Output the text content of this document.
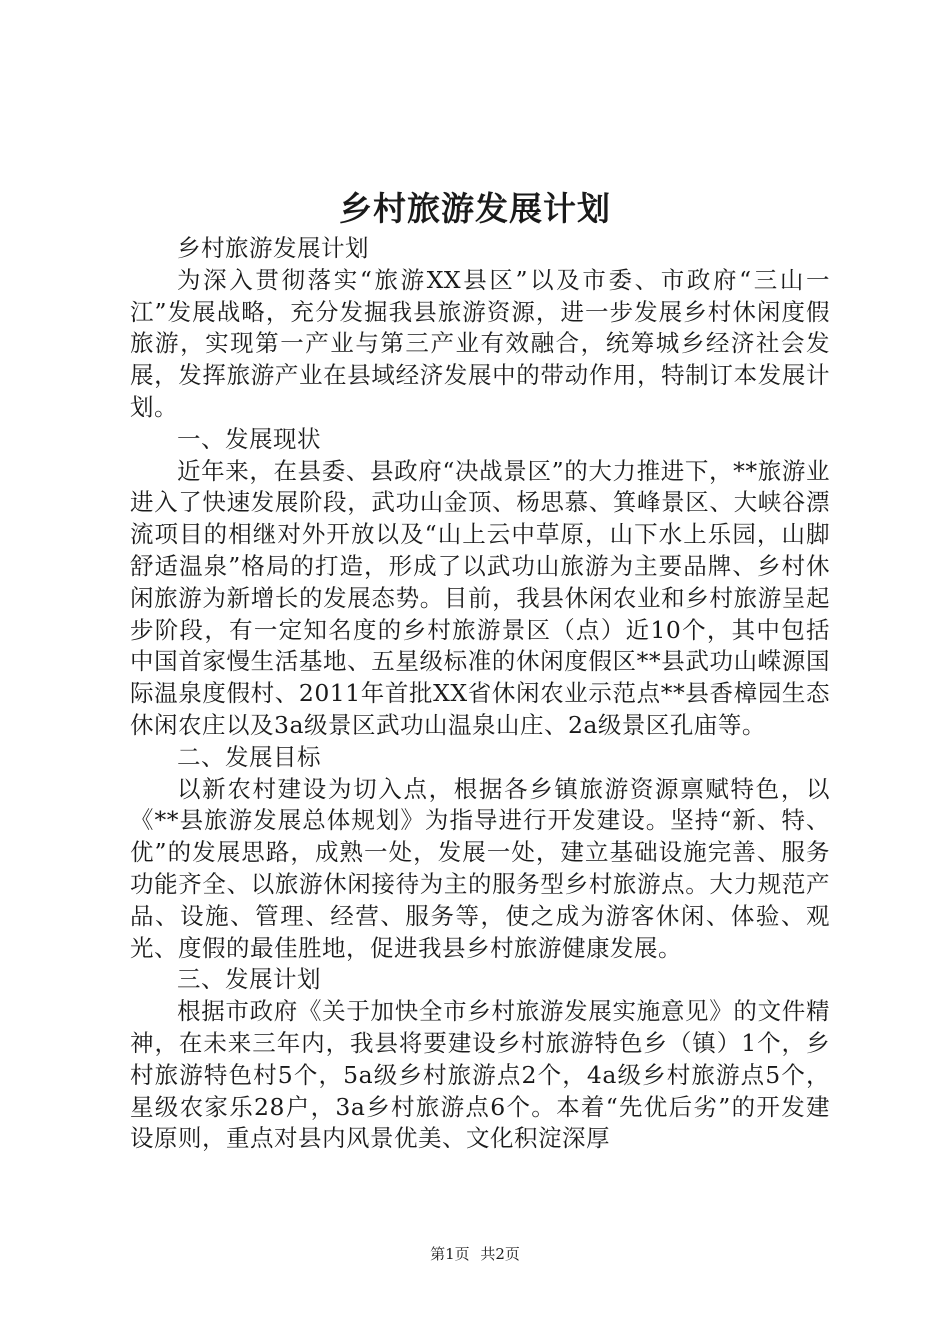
乡村旅游发展计划

乡村旅游发展计划

为深入贯彻落实“旅游XX县区”以及市委、市政府“三山一江”发展战略，充分发掘我县旅游资源，进一步发展乡村休闲度假旅游，实现第一产业与第三产业有效融合，统筹城乡经济社会发展，发挥旅游产业在县域经济发展中的带动作用，特制订本发展计划。

一、发展现状

近年来，在县委、县政府“决战景区”的大力推进下，**旅游业进入了快速发展阶段，武功山金顶、杨思慕、箕峰景区、大峡谷漂流项目的相继对外开放以及“山上云中草原，山下水上乐园，山脚舒适温泉”格局的打造，形成了以武功山旅游为主要品牌、乡村休闲旅游为新增长的发展态势。目前，我县休闲农业和乡村旅游呈起步阶段，有一定知名度的乡村旅游景区（点）近10个，其中包括中国首家慢生活基地、五星级标准的休闲度假区**县武功山嵘源国际温泉度假村、2011年首批XX省休闲农业示范点**县香樟园生态休闲农庄以及3a级景区武功山温泉山庄、2a级景区孔庙等。

二、发展目标

以新农村建设为切入点，根据各乡镇旅游资源禀赋特色，以《**县旅游发展总体规划》为指导进行开发建设。坚持“新、特、优”的发展思路，成熟一处，发展一处，建立基础设施完善、服务功能齐全、以旅游休闲接待为主的服务型乡村旅游点。大力规范产品、设施、管理、经营、服务等，使之成为游客休闲、体验、观光、度假的最佳胜地，促进我县乡村旅游健康发展。

三、发展计划

根据市政府《关于加快全市乡村旅游发展实施意见》的文件精神，在未来三年内，我县将要建设乡村旅游特色乡（镇）1个，乡村旅游特色村5个，5a级乡村旅游点2个，4a级乡村旅游点5个，星级农家乐28户，3a乡村旅游点6个。本着“先优后劣”的开发建设原则，重点对县内风景优美、文化积淀深厚

第1页 共2页
